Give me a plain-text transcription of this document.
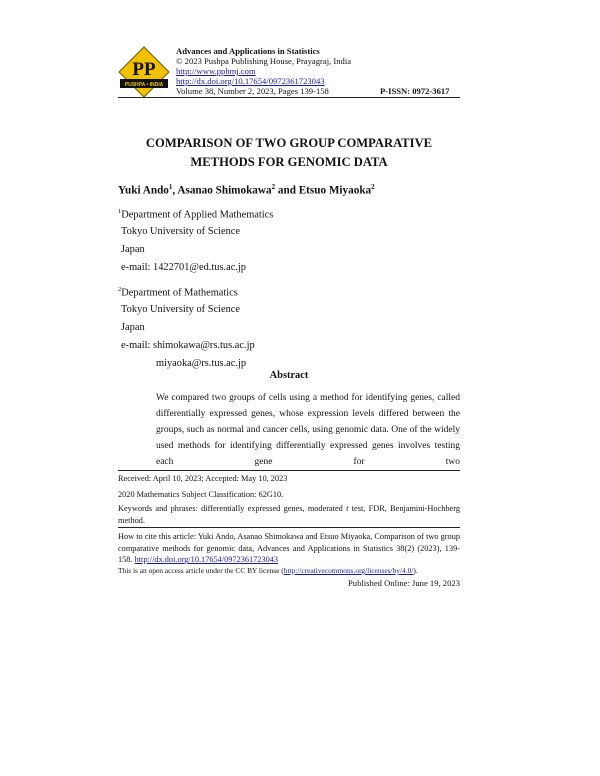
PP
PUSHPA • INDIA
Advances and Applications in Statistics
© 2023 Pushpa Publishing House, Prayagraj, India
http://www.pphmj.com
http://dx.doi.org/10.17654/0972361723043
Volume 38, Number 2, 2023, Pages 139-158	P-ISSN: 0972-3617
COMPARISON OF TWO GROUP COMPARATIVE
METHODS FOR GENOMIC DATA
Yuki Ando$^1$, Asanao Shimokawa$^2$ and Etsuo Miyaoka$^2$
$^1$Department of Applied Mathematics
Tokyo University of Science
Japan
e-mail: 1422701@ed.tus.ac.jp
$^2$Department of Mathematics
Tokyo University of Science
Japan
e-mail: shimokawa@rs.tus.ac.jp
miyaoka@rs.tus.ac.jp
Abstract
We compared two groups of cells using a method for identifying genes, called differentially expressed genes, whose expression levels differed between the groups, such as normal and cancer cells, using genomic data. One of the widely used methods for identifying differentially expressed genes involves testing each gene for two
Received: April 10, 2023; Accepted: May 10, 2023
2020 Mathematics Subject Classification: 62G10.
Keywords and phrases: differentially expressed genes, moderated t test, FDR, Benjamini-Hochberg method.
How to cite this article: Yuki Ando, Asanao Shimokawa and Etsuo Miyaoka, Comparison of two group comparative methods for genomic data, Advances and Applications in Statistics 38(2) (2023), 139-158. http://dx.doi.org/10.17654/0972361723043
This is an open access article under the CC BY license (http://creativecommons.org/licenses/by/4.0/).
Published Online: June 19, 2023
